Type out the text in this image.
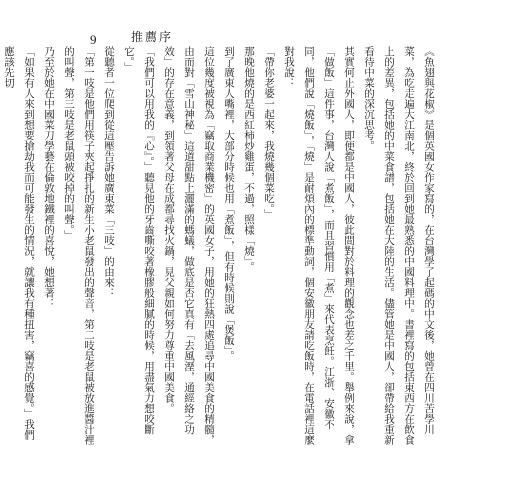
9	推薦序

《魚翅與花椒》是個英國女作家寫的，在台灣學了起碼的中文後，她曾在四川苦學川菜，為吃走遍大江南北，終於回到她最熟悉的中國料理中。書裡寫的包括東西方在飲食上的差異，包括她的中菜食譜，包括她在大陸的生活。儘管她是中國人，卻帶給我重新看待中菜的深沉思考。

其實何止外國人，即便都是中國人，彼此間對於料理的觀念也差之千里。舉例來說，拿「做飯」這件事，台灣人說「煮飯」，而且習慣用「煮」來代表烹飪。江浙、安徽不同，他們說「燒飯」，「燒」是耐煩內的標準動詞，個安徽朋友請吃飯時，在電話裡這麼對我說：

「帶你老婆一起來，我燒幾個菜吃。」

那晚他燒的是西紅柿炒雞蛋，不過，照樣「燒」。

到了廣東人嘴裡，大部分時候也用「煮飯」，但有時候則說「煲飯」。

這位幾度被視為「竊取商業機密」的英國女子，用她的狂熱四處追尋中國美食的精髓，由而對「雪山神秘」這道甜點上灑滿的螞蟻，做底是否它真有「去風溼，通經絡之功效」的存在意義，到領著父母在成都尋找火鍋，見父親如何努力尊重中國美食。

「我們可以用我的『心』。」聽見他的牙齒嘶咬著橡膠般細膩的時候，用盡氣力想咬斷它。」

從聽者一位爬到從這壓告訴她廣東菜「三吱」的由來：

「第一吱是他們用筷子夾起掙扎的新生小老鼠發出的聲音，第二吱是老鼠被放進醬汁裡的叫聲，第三吱是老鼠頭被咬掉的叫聲。」

乃至於她在中國菜刀學藝在倫敦地鐵裡的喜悅，她想著：

「如果有人來到想要搶劫我而可能發生的情況，就讓我有種扭害，竊喜的感覺。」我們應該先切
